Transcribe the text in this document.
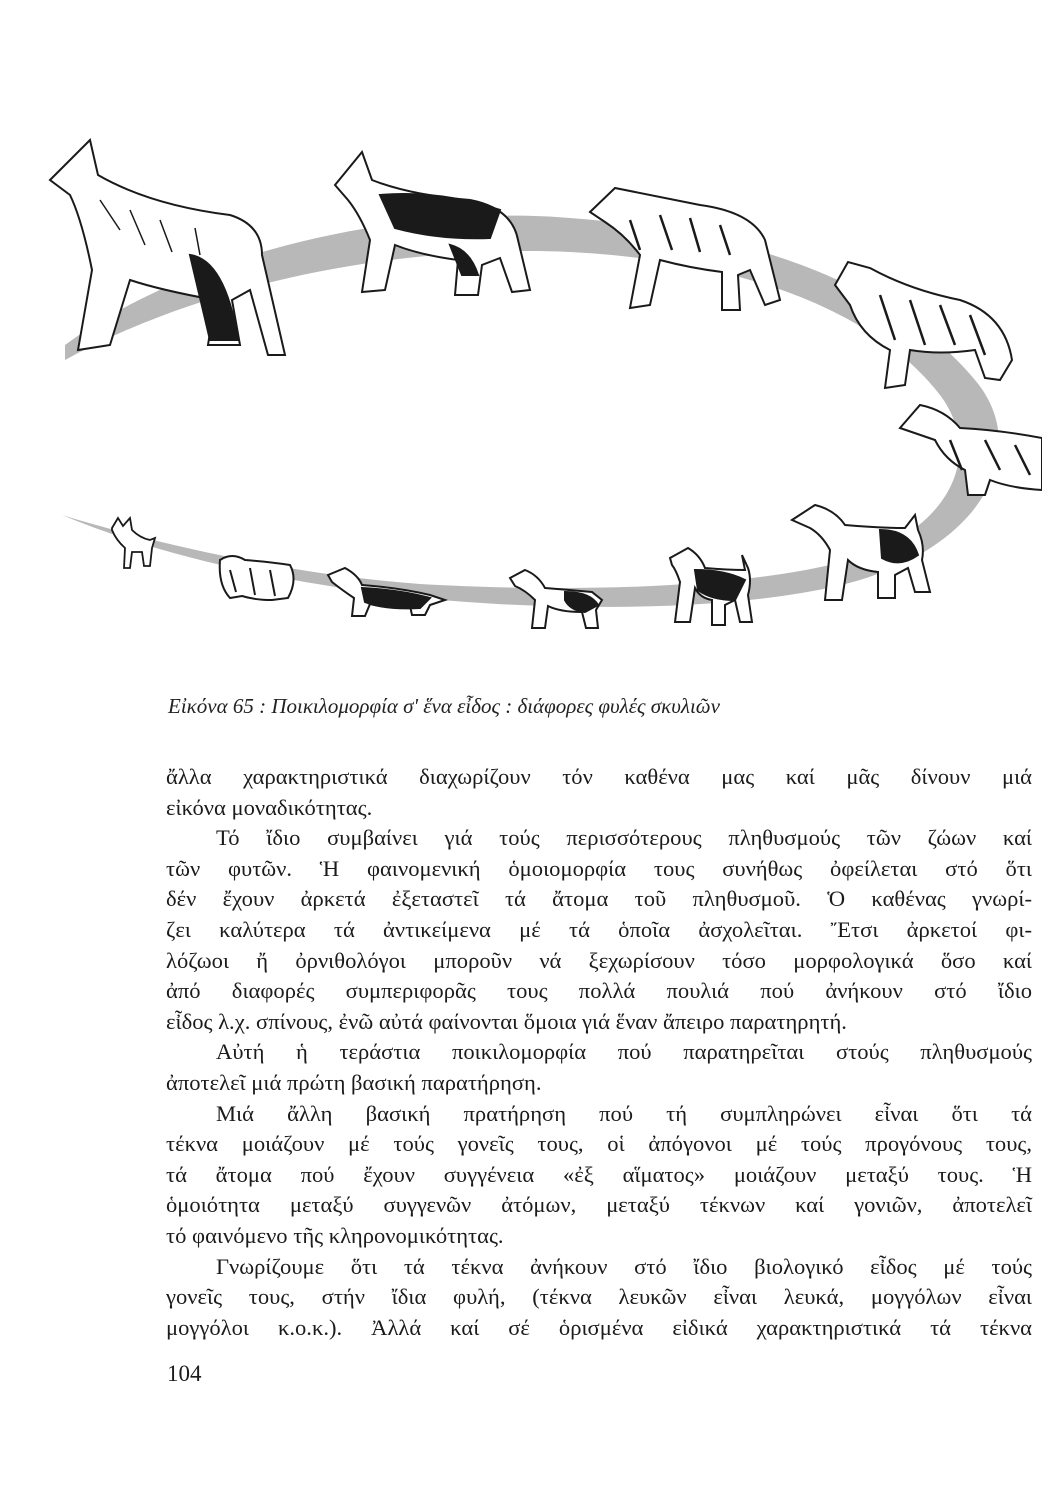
Εἰκόνα 65 : Ποικιλομορφία σ' ἕνα εἶδος : διάφορες φυλές σκυλιῶν
ἄλλα χαρακτηριστικά διαχωρίζουν τόν καθένα μας καί μᾶς δίνουν μιά
εἰκόνα μοναδικότητας.
Τό ἴδιο συμβαίνει γιά τούς περισσότερους πληθυσμούς τῶν ζώων καί
τῶν φυτῶν. Ἡ φαινομενική ὁμοιομορφία τους συνήθως ὀφείλεται στό ὅτι
δέν ἔχουν ἀρκετά ἐξεταστεῖ τά ἄτομα τοῦ πληθυσμοῦ. Ὁ καθένας γνωρί-
ζει καλύτερα τά ἀντικείμενα μέ τά ὁποῖα ἀσχολεῖται. Ἔτσι ἀρκετοί φι-
λόζωοι ἤ ὀρνιθολόγοι μποροῦν νά ξεχωρίσουν τόσο μορφολογικά ὅσο καί
ἀπό διαφορές συμπεριφορᾶς τους πολλά πουλιά πού ἀνήκουν στό ἴδιο
εἶδος λ.χ. σπίνους, ἐνῶ αὐτά φαίνονται ὅμοια γιά ἕναν ἄπειρο παρατηρητή.
Αὐτή ἡ τεράστια ποικιλομορφία πού παρατηρεῖται στούς πληθυσμούς
ἀποτελεῖ μιά πρώτη βασική παρατήρηση.
Μιά ἄλλη βασική πρατήρηση πού τή συμπληρώνει εἶναι ὅτι τά
τέκνα μοιάζουν μέ τούς γονεῖς τους, οἱ ἀπόγονοι μέ τούς προγόνους τους,
τά ἄτομα πού ἔχουν συγγένεια «ἐξ αἵματος» μοιάζουν μεταξύ τους. Ἡ
ὁμοιότητα μεταξύ συγγενῶν ἀτόμων, μεταξύ τέκνων καί γονιῶν, ἀποτελεῖ
τό φαινόμενο τῆς κληρονομικότητας.
Γνωρίζουμε ὅτι τά τέκνα ἀνήκουν στό ἴδιο βιολογικό εἶδος μέ τούς
γονεῖς τους, στήν ἴδια φυλή, (τέκνα λευκῶν εἶναι λευκά, μογγόλων εἶναι
μογγόλοι κ.ο.κ.). Ἀλλά καί σέ ὁρισμένα εἰδικά χαρακτηριστικά τά τέκνα
104
